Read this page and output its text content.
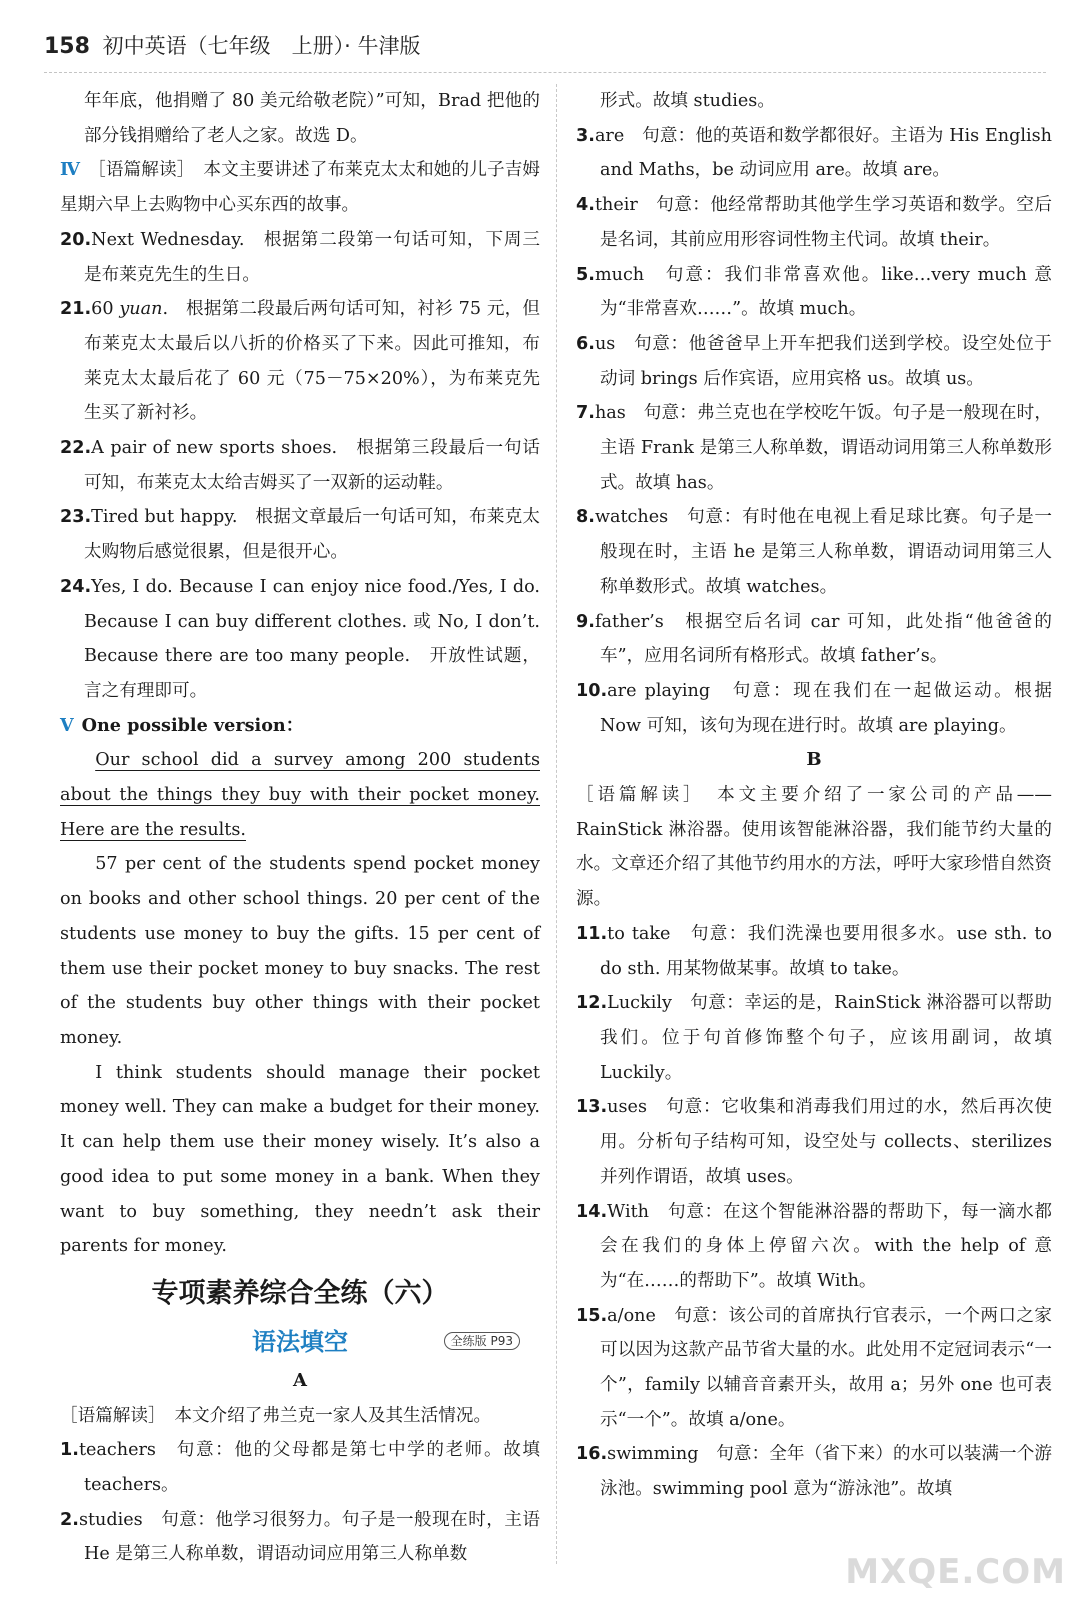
158 初中英语（七年级　上册）· 牛津版

年年底，他捐赠了 80 美元给敬老院）”可知，Brad 把他的部分钱捐赠给了老人之家。故选 D。

Ⅳ ［语篇解读］　本文主要讲述了布莱克太太和她的儿子吉姆星期六早上去购物中心买东西的故事。

20.Next Wednesday.　根据第二段第一句话可知，下周三是布莱克先生的生日。

21.60 yuan.　根据第二段最后两句话可知，衬衫 75 元，但布莱克太太最后以八折的价格买了下来。因此可推知，布莱克太太最后花了 60 元（75－75×20%），为布莱克先生买了新衬衫。

22.A pair of new sports shoes.　根据第三段最后一句话可知，布莱克太太给吉姆买了一双新的运动鞋。

23.Tired but happy.　根据文章最后一句话可知，布莱克太太购物后感觉很累，但是很开心。

24.Yes, I do. Because I can enjoy nice food./Yes, I do. Because I can buy different clothes. 或 No, I don’t. Because there are too many people.　开放性试题，言之有理即可。

Ⅴ One possible version：

Our school did a survey among 200 students about the things they buy with their pocket money. Here are the results.

57 per cent of the students spend pocket money on books and other school things. 20 per cent of the students use money to buy the gifts. 15 per cent of them use their pocket money to buy snacks. The rest of the students buy other things with their pocket money.

I think students should manage their pocket money well. They can make a budget for their money. It can help them use their money wisely. It’s also a good idea to put some money in a bank. When they want to buy something, they needn’t ask their parents for money.

专项素养综合全练（六）
语法填空	全练版 P93

A

［语篇解读］　本文介绍了弗兰克一家人及其生活情况。

1.teachers　句意：他的父母都是第七中学的老师。故填 teachers。

2.studies　句意：他学习很努力。句子是一般现在时，主语 He 是第三人称单数，谓语动词应用第三人称单数

形式。故填 studies。

3.are　句意：他的英语和数学都很好。主语为 His English and Maths，be 动词应用 are。故填 are。

4.their　句意：他经常帮助其他学生学习英语和数学。空后是名词，其前应用形容词性物主代词。故填 their。

5.much　句意：我们非常喜欢他。like…very much 意为“非常喜欢……”。故填 much。

6.us　句意：他爸爸早上开车把我们送到学校。设空处位于动词 brings 后作宾语，应用宾格 us。故填 us。

7.has　句意：弗兰克也在学校吃午饭。句子是一般现在时，主语 Frank 是第三人称单数，谓语动词用第三人称单数形式。故填 has。

8.watches　句意：有时他在电视上看足球比赛。句子是一般现在时，主语 he 是第三人称单数，谓语动词用第三人称单数形式。故填 watches。

9.father’s　根据空后名词 car 可知，此处指“他爸爸的车”，应用名词所有格形式。故填 father’s。

10.are playing　句意：现在我们在一起做运动。根据 Now 可知，该句为现在进行时。故填 are playing。

B

［语篇解读］　本文主要介绍了一家公司的产品——RainStick 淋浴器。使用该智能淋浴器，我们能节约大量的水。文章还介绍了其他节约用水的方法，呼吁大家珍惜自然资源。

11.to take　句意：我们洗澡也要用很多水。use sth. to do sth. 用某物做某事。故填 to take。

12.Luckily　句意：幸运的是，RainStick 淋浴器可以帮助我们。位于句首修饰整个句子，应该用副词，故填 Luckily。

13.uses　句意：它收集和消毒我们用过的水，然后再次使用。分析句子结构可知，设空处与 collects、sterilizes 并列作谓语，故填 uses。

14.With　句意：在这个智能淋浴器的帮助下，每一滴水都会在我们的身体上停留六次。with the help of 意为“在……的帮助下”。故填 With。

15.a/one　句意：该公司的首席执行官表示，一个两口之家可以因为这款产品节省大量的水。此处用不定冠词表示“一个”，family 以辅音音素开头，故用 a；另外 one 也可表示“一个”。故填 a/one。

16.swimming　句意：全年（省下来）的水可以装满一个游泳池。swimming pool 意为“游泳池”。故填

MXQE.COM
